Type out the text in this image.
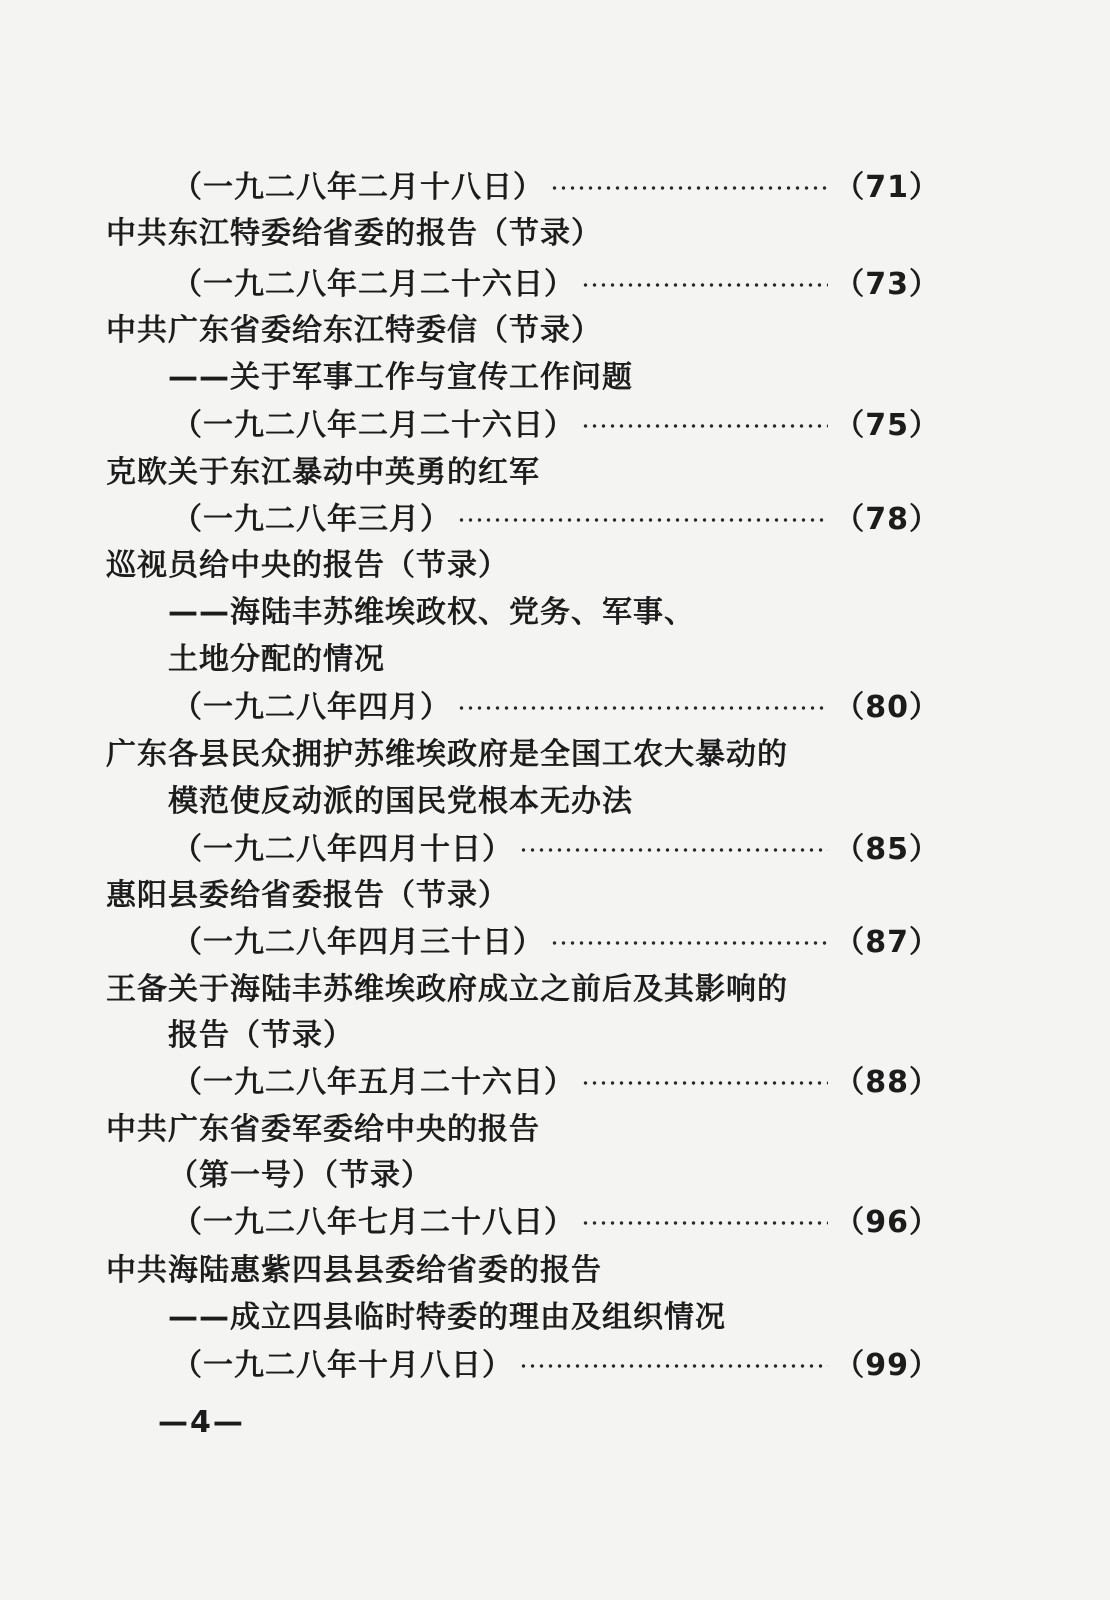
（一九二八年二月十八日）	（71）
中共东江特委给省委的报告（节录）
（一九二八年二月二十六日）	（73）
中共广东省委给东江特委信（节录）
——关于军事工作与宣传工作问题
（一九二八年二月二十六日）	（75）
克欧关于东江暴动中英勇的红军
（一九二八年三月）	（78）
巡视员给中央的报告（节录）
——海陆丰苏维埃政权、党务、军事、
土地分配的情况
（一九二八年四月）	（80）
广东各县民众拥护苏维埃政府是全国工农大暴动的
模范使反动派的国民党根本无办法
（一九二八年四月十日）	（85）
惠阳县委给省委报告（节录）
（一九二八年四月三十日）	（87）
王备关于海陆丰苏维埃政府成立之前后及其影响的
报告（节录）
（一九二八年五月二十六日）	（88）
中共广东省委军委给中央的报告
（第一号）（节录）
（一九二八年七月二十八日）	（96）
中共海陆惠紫四县县委给省委的报告
——成立四县临时特委的理由及组织情况
（一九二八年十月八日）	（99）
—4—
